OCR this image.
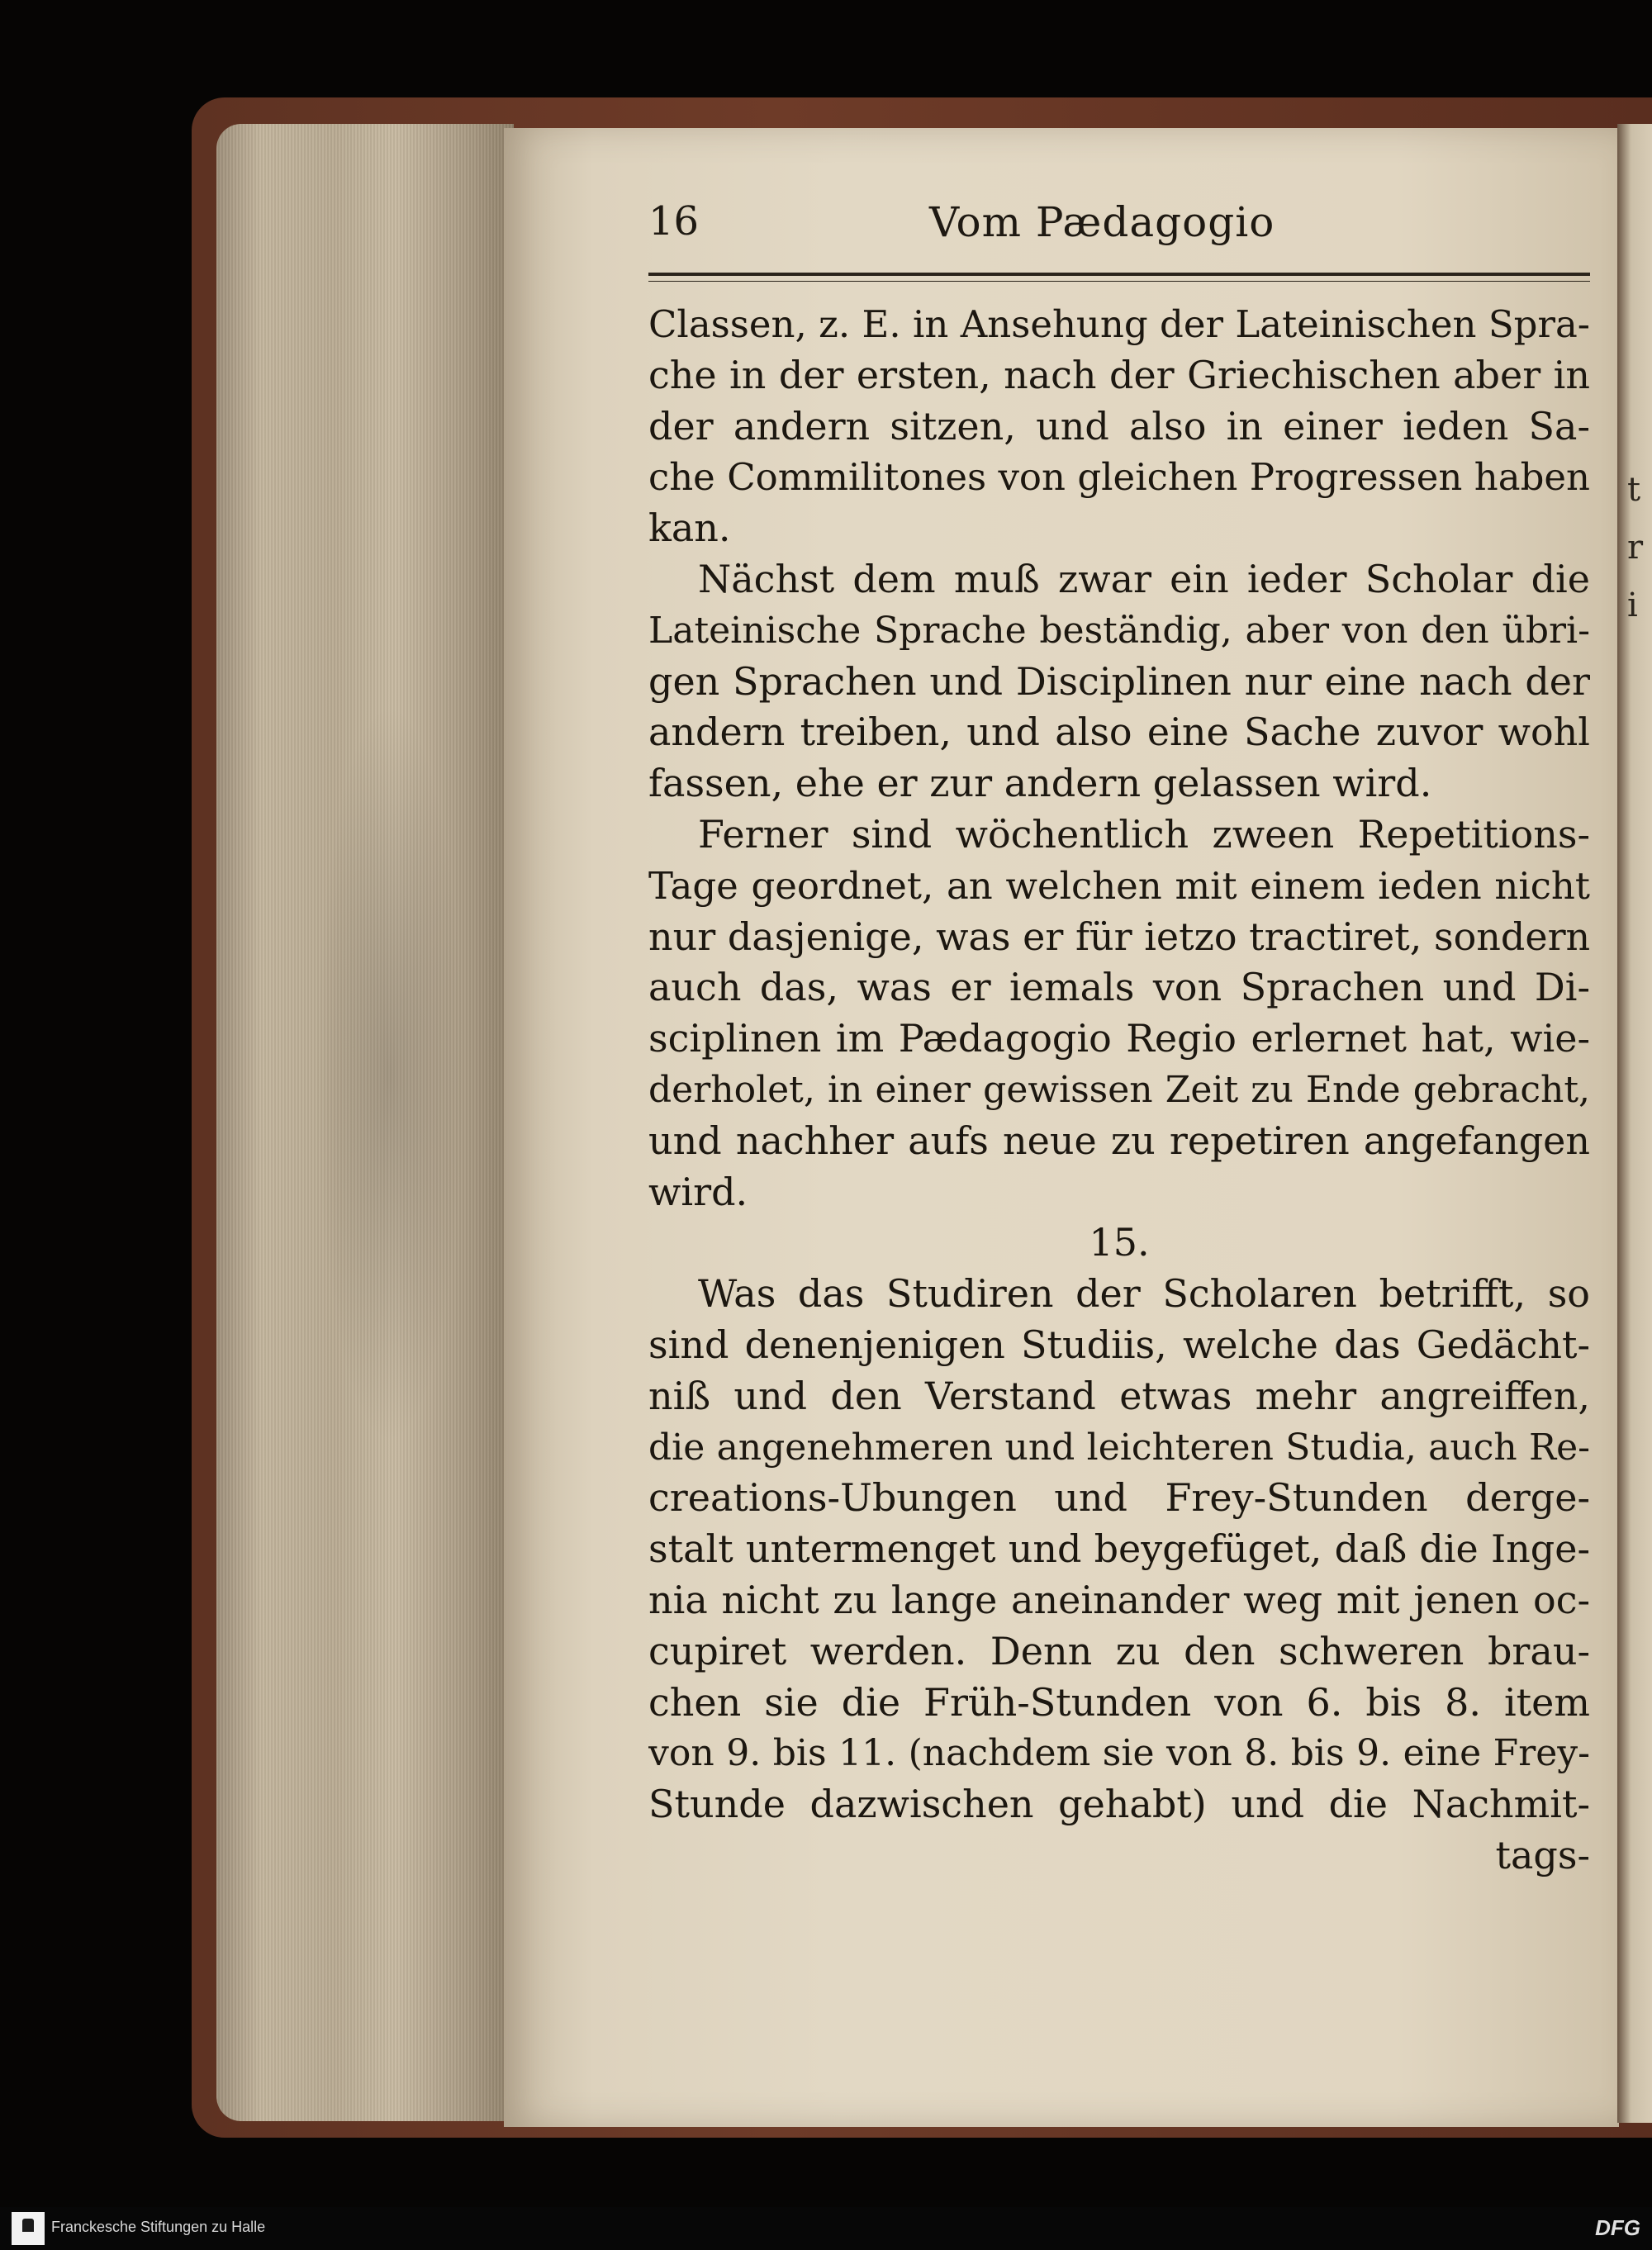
t
r
i
16	Vom Pædagogio
Classen, z. E. in Ansehung der Lateinischen Spra-
che in der ersten, nach der Griechischen aber in
der andern sitzen, und also in einer ieden Sa-
che Commilitones von gleichen Progressen haben
kan.
Nächst dem muß zwar ein ieder Scholar die
Lateinische Sprache beständig, aber von den übri-
gen Sprachen und Disciplinen nur eine nach der
andern treiben, und also eine Sache zuvor wohl
fassen, ehe er zur andern gelassen wird.
Ferner sind wöchentlich zween Repetitions-
Tage geordnet, an welchen mit einem ieden nicht
nur dasjenige, was er für ietzo tractiret, sondern
auch das, was er iemals von Sprachen und Di-
sciplinen im Pædagogio Regio erlernet hat, wie-
derholet, in einer gewissen Zeit zu Ende gebracht,
und nachher aufs neue zu repetiren angefangen
wird.
15.
Was das Studiren der Scholaren betrifft, so
sind denenjenigen Studiis, welche das Gedächt-
niß und den Verstand etwas mehr angreiffen,
die angenehmeren und leichteren Studia, auch Re-
creations-Ubungen und Frey-Stunden derge-
stalt untermenget und beygefüget, daß die Inge-
nia nicht zu lange aneinander weg mit jenen oc-
cupiret werden. Denn zu den schweren brau-
chen sie die Früh-Stunden von 6. bis 8. item
von 9. bis 11. (nachdem sie von 8. bis 9. eine Frey-
Stunde dazwischen gehabt) und die Nachmit-
tags-
Franckesche Stiftungen zu Halle	DFG
